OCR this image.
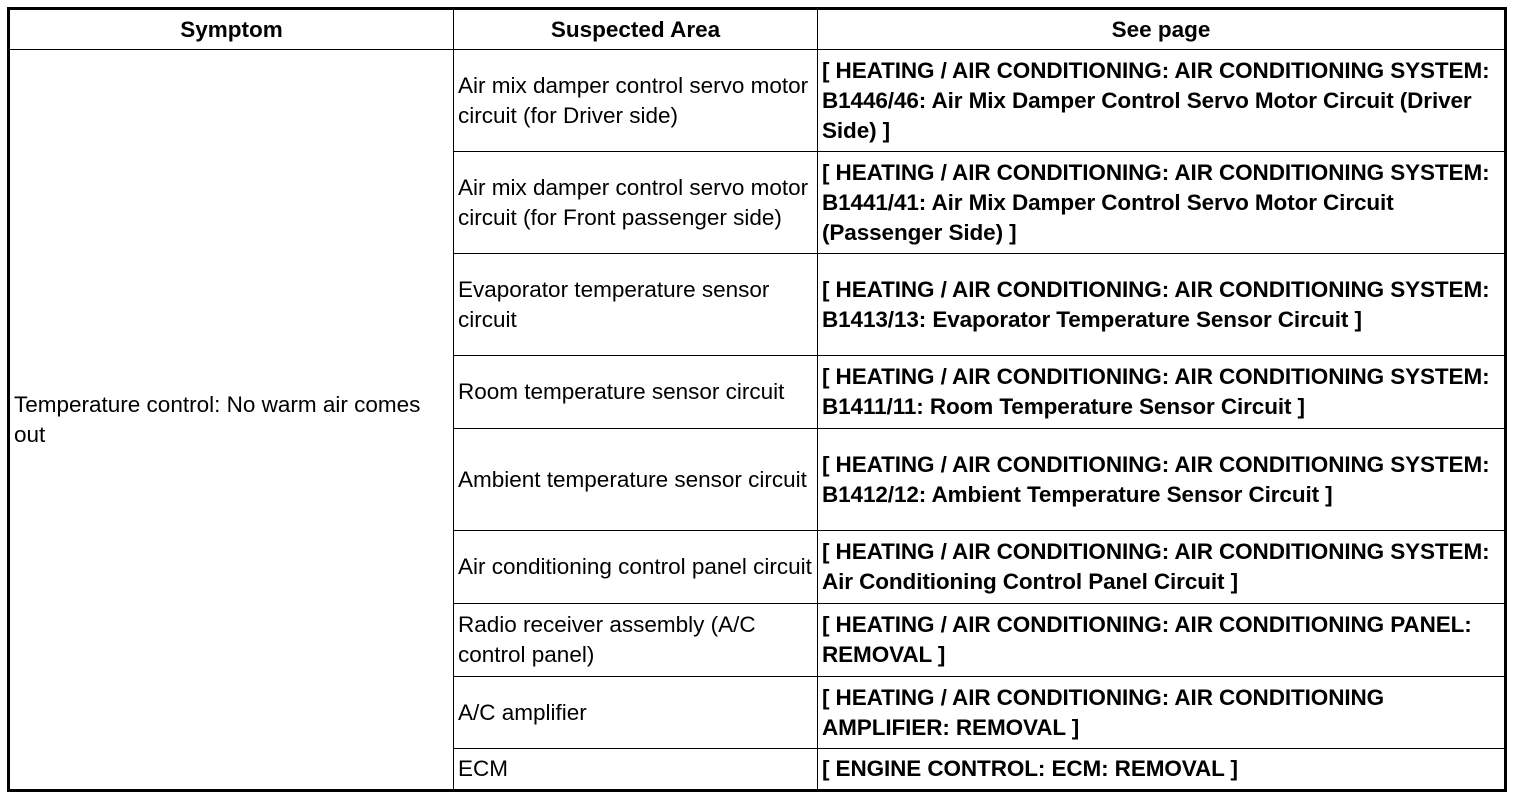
Symptom	Suspected Area	See page
Temperature control: No warm air comes out	Air mix damper control servo motor circuit (for Driver side)	[ HEATING / AIR CONDITIONING: AIR CONDITIONING SYSTEM: B1446/46: Air Mix Damper Control Servo Motor Circuit (Driver Side) ]
	Air mix damper control servo motor circuit (for Front passenger side)	[ HEATING / AIR CONDITIONING: AIR CONDITIONING SYSTEM: B1441/41: Air Mix Damper Control Servo Motor Circuit (Passenger Side) ]
	Evaporator temperature sensor circuit	[ HEATING / AIR CONDITIONING: AIR CONDITIONING SYSTEM: B1413/13: Evaporator Temperature Sensor Circuit ]
	Room temperature sensor circuit	[ HEATING / AIR CONDITIONING: AIR CONDITIONING SYSTEM: B1411/11: Room Temperature Sensor Circuit ]
	Ambient temperature sensor circuit	[ HEATING / AIR CONDITIONING: AIR CONDITIONING SYSTEM: B1412/12: Ambient Temperature Sensor Circuit ]
	Air conditioning control panel circuit	[ HEATING / AIR CONDITIONING: AIR CONDITIONING SYSTEM: Air Conditioning Control Panel Circuit ]
	Radio receiver assembly (A/C control panel)	[ HEATING / AIR CONDITIONING: AIR CONDITIONING PANEL: REMOVAL ]
	A/C amplifier	[ HEATING / AIR CONDITIONING: AIR CONDITIONING AMPLIFIER: REMOVAL ]
	ECM	[ ENGINE CONTROL: ECM: REMOVAL ]
